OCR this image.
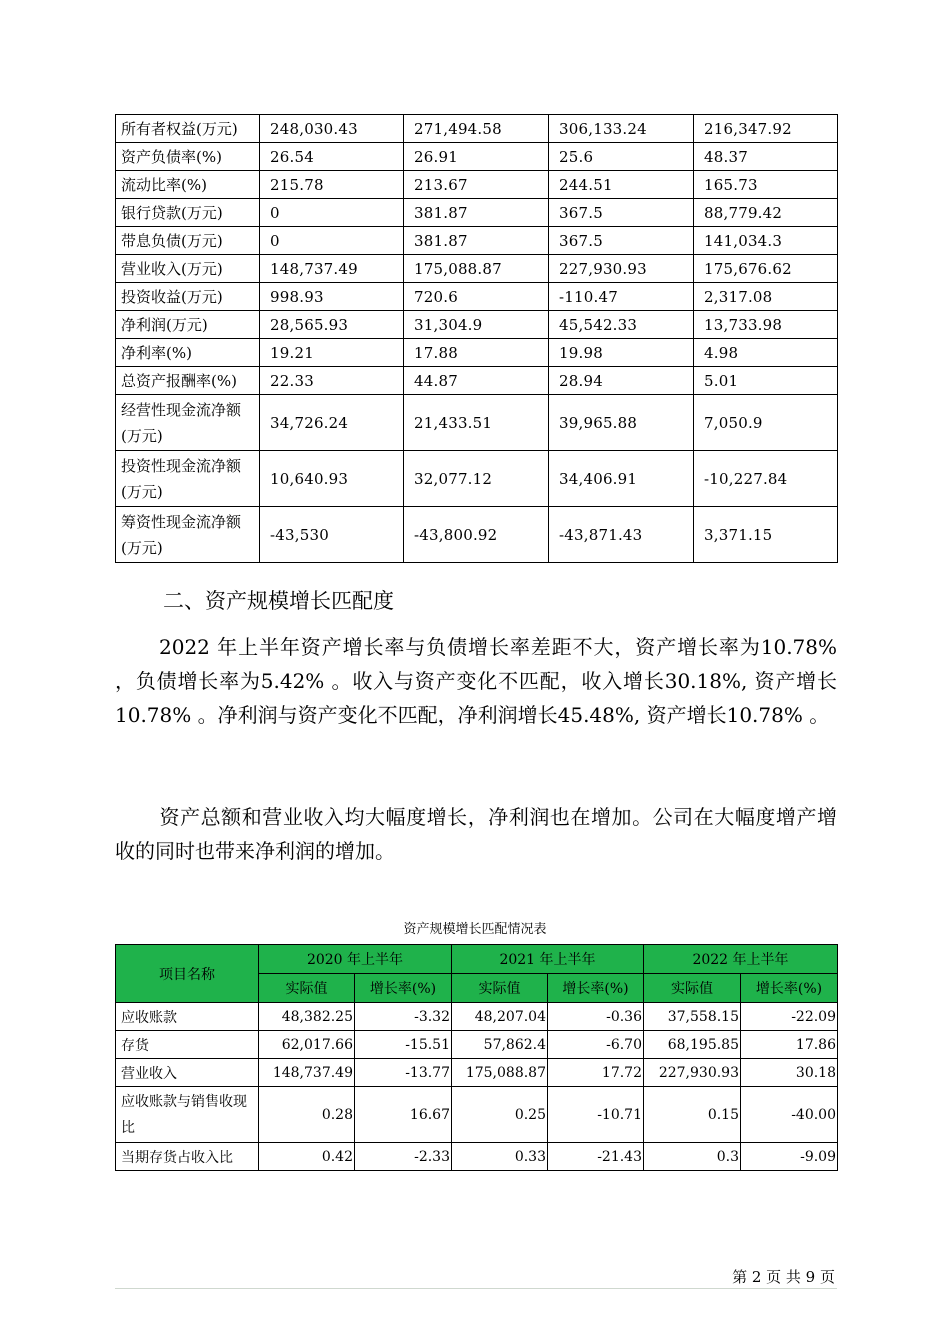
所有者权益(万元)	248,030.43	271,494.58	306,133.24	216,347.92
资产负债率(%)	26.54	26.91	25.6	48.37
流动比率(%)	215.78	213.67	244.51	165.73
银行贷款(万元)	0	381.87	367.5	88,779.42
带息负债(万元)	0	381.87	367.5	141,034.3
营业收入(万元)	148,737.49	175,088.87	227,930.93	175,676.62
投资收益(万元)	998.93	720.6	-110.47	2,317.08
净利润(万元)	28,565.93	31,304.9	45,542.33	13,733.98
净利率(%)	19.21	17.88	19.98	4.98
总资产报酬率(%)	22.33	44.87	28.94	5.01
经营性现金流净额(万元)	34,726.24	21,433.51	39,965.88	7,050.9
投资性现金流净额(万元)	10,640.93	32,077.12	34,406.91	-10,227.84
筹资性现金流净额(万元)	-43,530	-43,800.92	-43,871.43	3,371.15
二、资产规模增长匹配度
2022 年上半年资产增长率与负债增长率差距不大，资产增长率为10.78% ，负债增长率为5.42% 。收入与资产变化不匹配，收入增长30.18%, 资产增长10.78% 。净利润与资产变化不匹配，净利润增长45.48%, 资产增长10.78% 。
资产总额和营业收入均大幅度增长，净利润也在增加。公司在大幅度增产增收的同时也带来净利润的增加。
资产规模增长匹配情况表
项目名称	2020 年上半年		2021 年上半年		2022 年上半年	
	实际值	增长率(%)	实际值	增长率(%)	实际值	增长率(%)
应收账款	48,382.25	-3.32	48,207.04	-0.36	37,558.15	-22.09
存货	62,017.66	-15.51	57,862.4	-6.70	68,195.85	17.86
营业收入	148,737.49	-13.77	175,088.87	17.72	227,930.93	30.18
应收账款与销售收现比	0.28	16.67	0.25	-10.71	0.15	-40.00
当期存货占收入比	0.42	-2.33	0.33	-21.43	0.3	-9.09
第 2 页 共 9 页
